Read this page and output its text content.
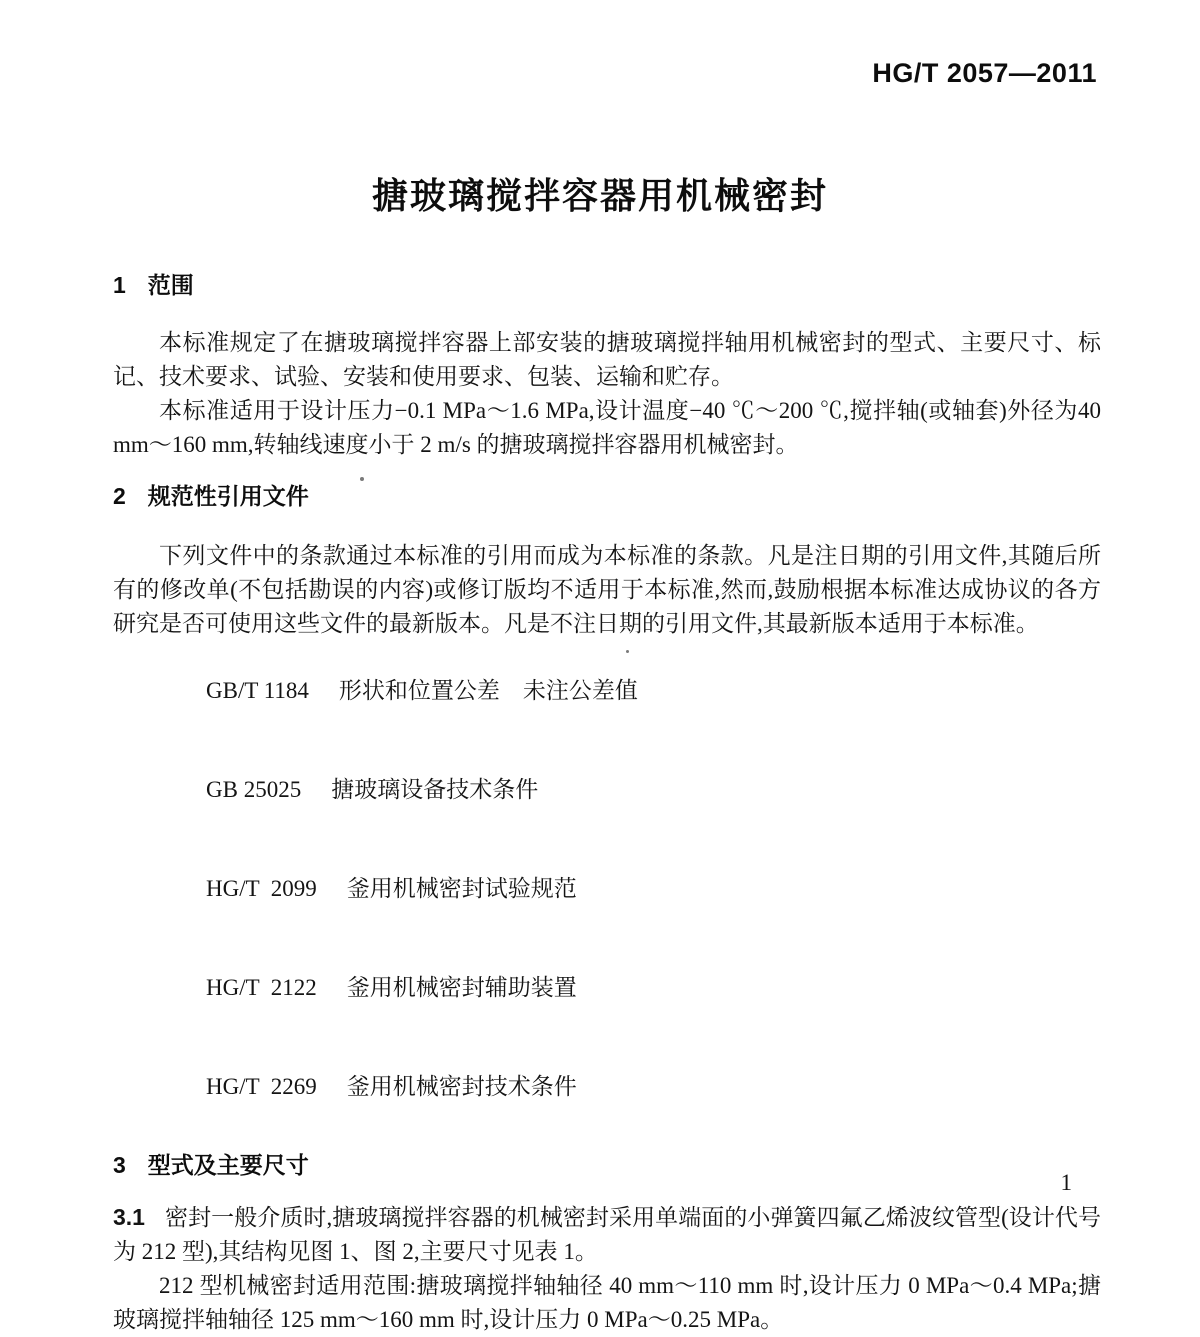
HG/T 2057—2011
搪玻璃搅拌容器用机械密封
1 范围

本标准规定了在搪玻璃搅拌容器上部安装的搪玻璃搅拌轴用机械密封的型式、主要尺寸、标记、技术要求、试验、安装和使用要求、包装、运输和贮存。

本标准适用于设计压力−0.1 MPa～1.6 MPa,设计温度−40 ℃～200 ℃,搅拌轴(或轴套)外径为40 mm～160 mm,转轴线速度小于 2 m/s 的搪玻璃搅拌容器用机械密封。

2 规范性引用文件

下列文件中的条款通过本标准的引用而成为本标准的条款。凡是注日期的引用文件,其随后所有的修改单(不包括勘误的内容)或修订版均不适用于本标准,然而,鼓励根据本标准达成协议的各方研究是否可使用这些文件的最新版本。凡是不注日期的引用文件,其最新版本适用于本标准。

GB/T 1184 形状和位置公差　未注公差值

GB 25025 搪玻璃设备技术条件

HG/T  2099 釜用机械密封试验规范

HG/T  2122 釜用机械密封辅助装置

HG/T  2269 釜用机械密封技术条件

3 型式及主要尺寸

3.1 密封一般介质时,搪玻璃搅拌容器的机械密封采用单端面的小弹簧四氟乙烯波纹管型(设计代号为 212 型),其结构见图 1、图 2,主要尺寸见表 1。

212 型机械密封适用范围:搪玻璃搅拌轴轴径 40 mm～110 mm 时,设计压力 0 MPa～0.4 MPa;搪玻璃搅拌轴轴径 125 mm～160 mm 时,设计压力 0 MPa～0.25 MPa。

1
